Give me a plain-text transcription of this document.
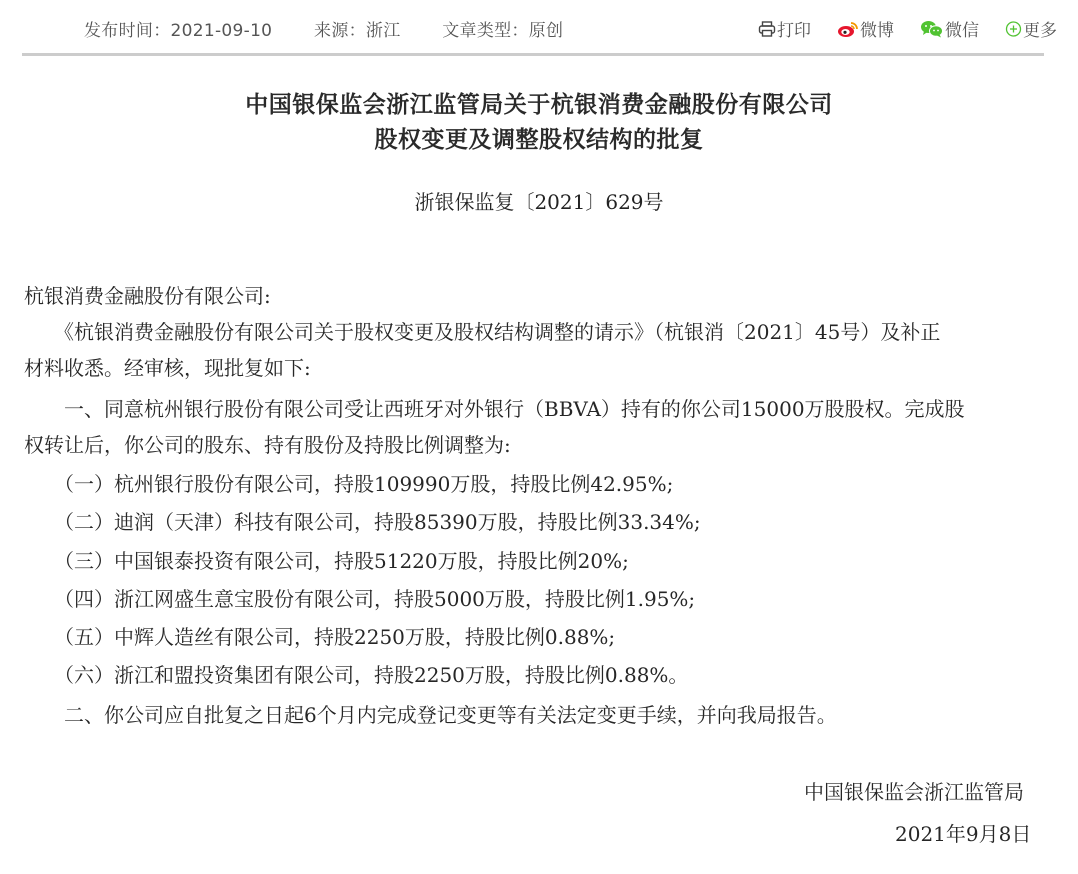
发布时间：2021-09-10 来源：浙江 文章类型：原创	打印	微博	微信	更多
中国银保监会浙江监管局关于杭银消费金融股份有限公司
股权变更及调整股权结构的批复
浙银保监复〔2021〕629号
杭银消费金融股份有限公司:
　　《杭银消费金融股份有限公司关于股权变更及股权结构调整的请示》（杭银消〔2021〕45号）及补正
材料收悉。经审核，现批复如下:
　　一、同意杭州银行股份有限公司受让西班牙对外银行（BBVA）持有的你公司15000万股股权。完成股
权转让后，你公司的股东、持有股份及持股比例调整为:
　　（一）杭州银行股份有限公司，持股109990万股，持股比例42.95%;
　　（二）迪润（天津）科技有限公司，持股85390万股，持股比例33.34%;
　　（三）中国银泰投资有限公司，持股51220万股，持股比例20%;
　　（四）浙江网盛生意宝股份有限公司，持股5000万股，持股比例1.95%;
　　（五）中辉人造丝有限公司，持股2250万股，持股比例0.88%;
　　（六）浙江和盟投资集团有限公司，持股2250万股，持股比例0.88%。
　　二、你公司应自批复之日起6个月内完成登记变更等有关法定变更手续，并向我局报告。
中国银保监会浙江监管局
2021年9月8日
